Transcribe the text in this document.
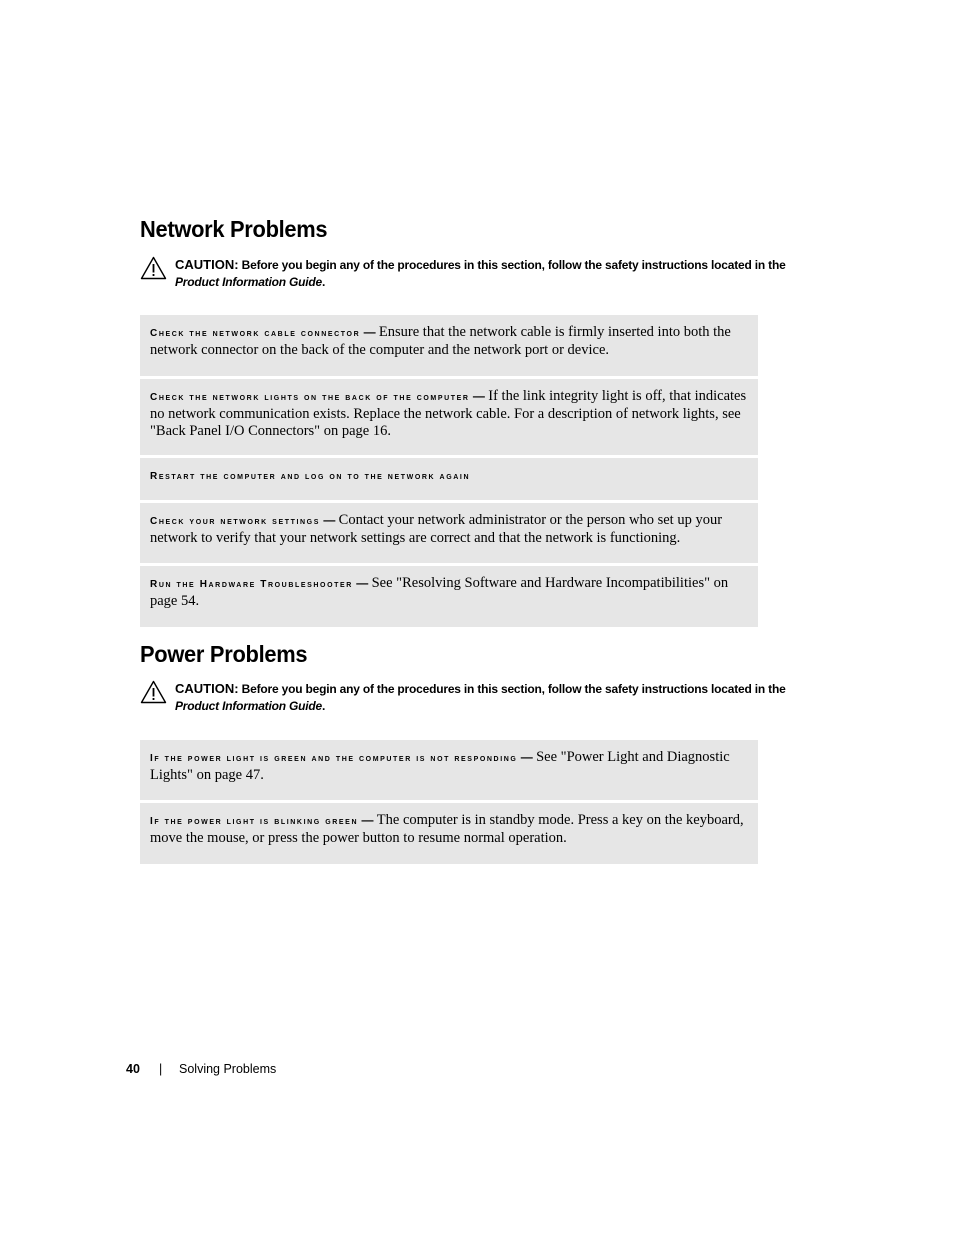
Network Problems
CAUTION: Before you begin any of the procedures in this section, follow the safety instructions located in the Product Information Guide.
Check the network cable connector — Ensure that the network cable is firmly inserted into both the network connector on the back of the computer and the network port or device.
Check the network lights on the back of the computer — If the link integrity light is off, that indicates no network communication exists. Replace the network cable. For a description of network lights, see "Back Panel I/O Connectors" on page 16.
Restart the computer and log on to the network again
Check your network settings — Contact your network administrator or the person who set up your network to verify that your network settings are correct and that the network is functioning.
Run the Hardware Troubleshooter — See "Resolving Software and Hardware Incompatibilities" on page 54.
Power Problems
CAUTION: Before you begin any of the procedures in this section, follow the safety instructions located in the Product Information Guide.
If the power light is green and the computer is not responding — See "Power Light and Diagnostic Lights" on page 47.
If the power light is blinking green — The computer is in standby mode. Press a key on the keyboard, move the mouse, or press the power button to resume normal operation.
40 | Solving Problems
